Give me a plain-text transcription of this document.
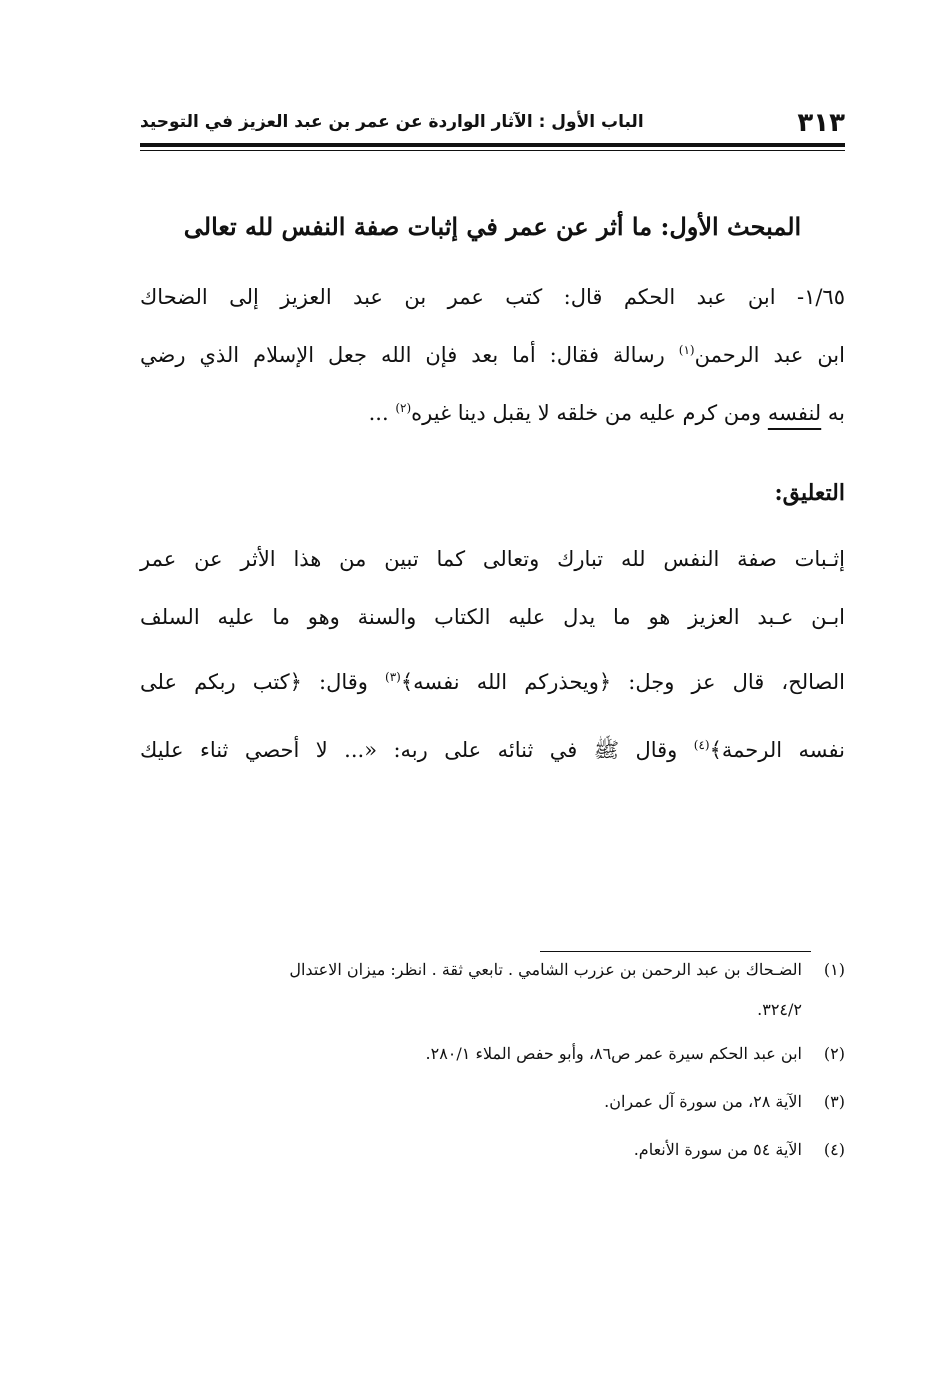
٣١٣
الباب الأول : الآثار الواردة عن عمر بن عبد العزيز في التوحيد
المبحث الأول: ما أثر عن عمر في إثبات صفة النفس لله تعالى
١/٦٥- ابن عبد الحكم قال: كتب عمر بن عبد العزيز إلى الضحاك
ابن عبد الرحمن$^{(١)}$ رسالة فقال: أما بعد فإن الله جعل الإسلام الذي رضي
به لنفسه ومن كرم عليه من خلقه لا يقبل دينا غيره$^{(٢)}$ ...
التعليق:
إثـبات صفة النفس لله تبارك وتعالى كما تبين من هذا الأثر عن عمر
ابـن عـبد العزيز هو ما يدل عليه الكتاب والسنة وهو ما عليه السلف
الصالح، قال عز وجل: ﴿ويحذركم الله نفسه﴾$^{(٣)}$ وقال: ﴿كتب ربكم على
نفسه الرحمة﴾$^{(٤)}$ وقال ﷺ في ثنائه على ربه: «... لا أحصي ثناء عليك
(١)
الضـحاك بن عبد الرحمن بن عزرب الشامي . تابعي ثقة . انظر: ميزان الاعتدال
٣٢٤/٢.
(٢)
ابن عبد الحكم سيرة عمر ص٨٦، وأبو حفص الملاء ٢٨٠/١.
(٣)
الآية ٢٨، من سورة آل عمران.
(٤)
الآية ٥٤ من سورة الأنعام.
